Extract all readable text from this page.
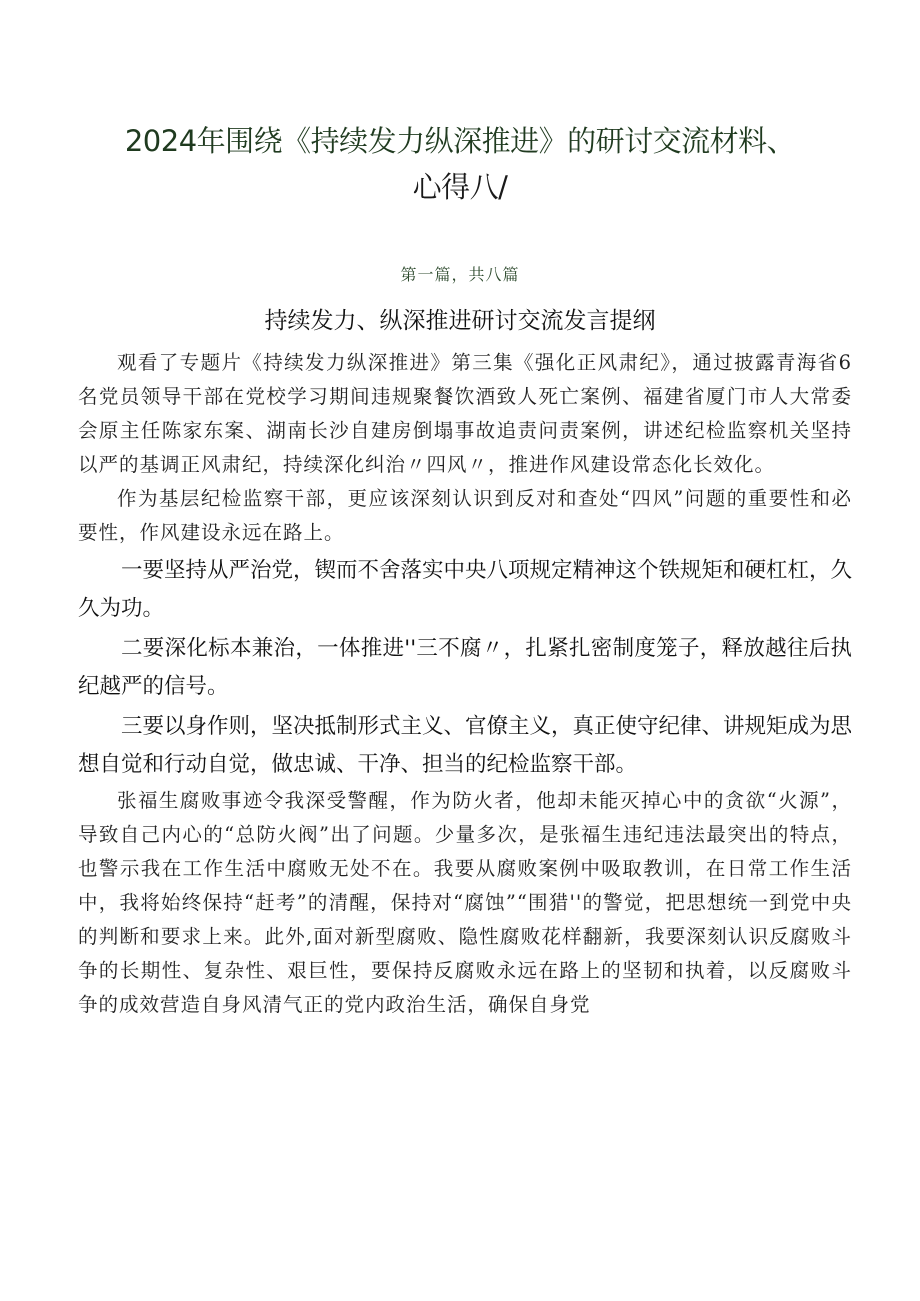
2024年围绕《持续发力纵深推进》的研讨交流材料、
心得八/
第一篇，共八篇
持续发力、纵深推进研讨交流发言提纲

观看了专题片《持续发力纵深推进》第三集《强化正风肃纪》，通过披露青海省6名党员领导干部在党校学习期间违规聚餐饮酒致人死亡案例、福建省厦门市人大常委会原主任陈家东案、湖南长沙自建房倒塌事故追责问责案例，讲述纪检监察机关坚持以严的基调正风肃纪，持续深化纠治〃四风〃，推进作风建设常态化长效化。

作为基层纪检监察干部，更应该深刻认识到反对和查处“四风”问题的重要性和必要性，作风建设永远在路上。

一要坚持从严治党，锲而不舍落实中央八项规定精神这个铁规矩和硬杠杠，久久为功。

二要深化标本兼治，一体推进''三不腐〃，扎紧扎密制度笼子，释放越往后执纪越严的信号。

三要以身作则，坚决抵制形式主义、官僚主义，真正使守纪律、讲规矩成为思想自觉和行动自觉，做忠诚、干净、担当的纪检监察干部。

张福生腐败事迹令我深受警醒，作为防火者，他却未能灭掉心中的贪欲“火源”，导致自己内心的“总防火阀”出了问题。少量多次，是张福生违纪违法最突出的特点，也警示我在工作生活中腐败无处不在。我要从腐败案例中吸取教训，在日常工作生活中，我将始终保持“赶考”的清醒，保持对“腐蚀”“围猎''的警觉，把思想统一到党中央的判断和要求上来。此外,面对新型腐败、隐性腐败花样翻新，我要深刻认识反腐败斗争的长期性、复杂性、艰巨性，要保持反腐败永远在路上的坚韧和执着，以反腐败斗争的成效营造自身风清气正的党内政治生活，确保自身党
